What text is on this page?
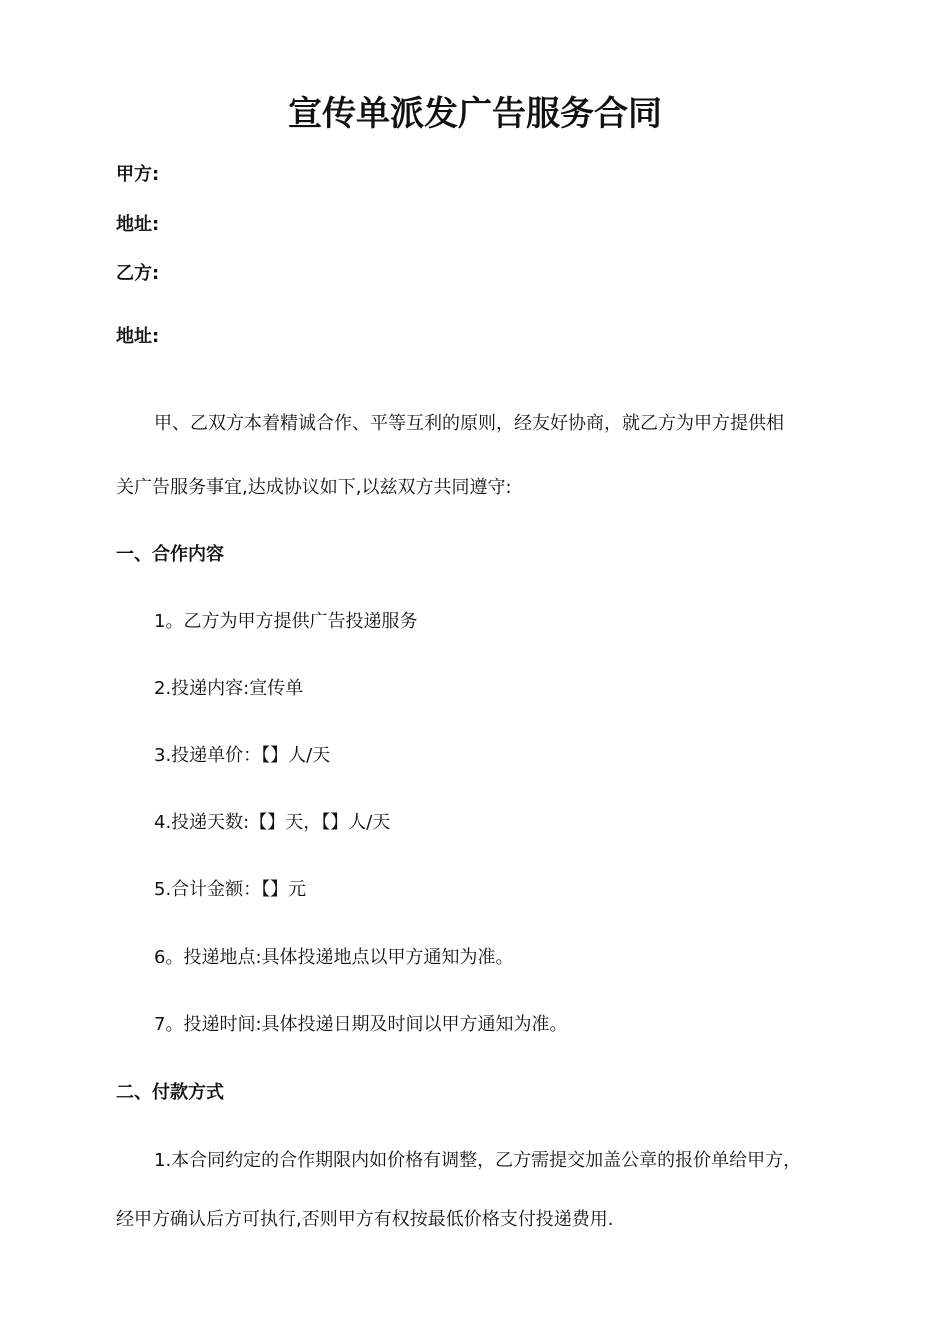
宣传单派发广告服务合同

甲方:

地址:

乙方:

地址:

甲、乙双方本着精诚合作、平等互利的原则，经友好协商，就乙方为甲方提供相

关广告服务事宜,达成协议如下,以兹双方共同遵守:

一、合作内容

1。乙方为甲方提供广告投递服务

2.投递内容:宣传单

3.投递单价：【】人/天

4.投递天数:【】天，【】人/天

5.合计金额：【】元

6。投递地点:具体投递地点以甲方通知为准。

7。投递时间:具体投递日期及时间以甲方通知为准。

二、付款方式

1.本合同约定的合作期限内如价格有调整，乙方需提交加盖公章的报价单给甲方，

经甲方确认后方可执行,否则甲方有权按最低价格支付投递费用.
